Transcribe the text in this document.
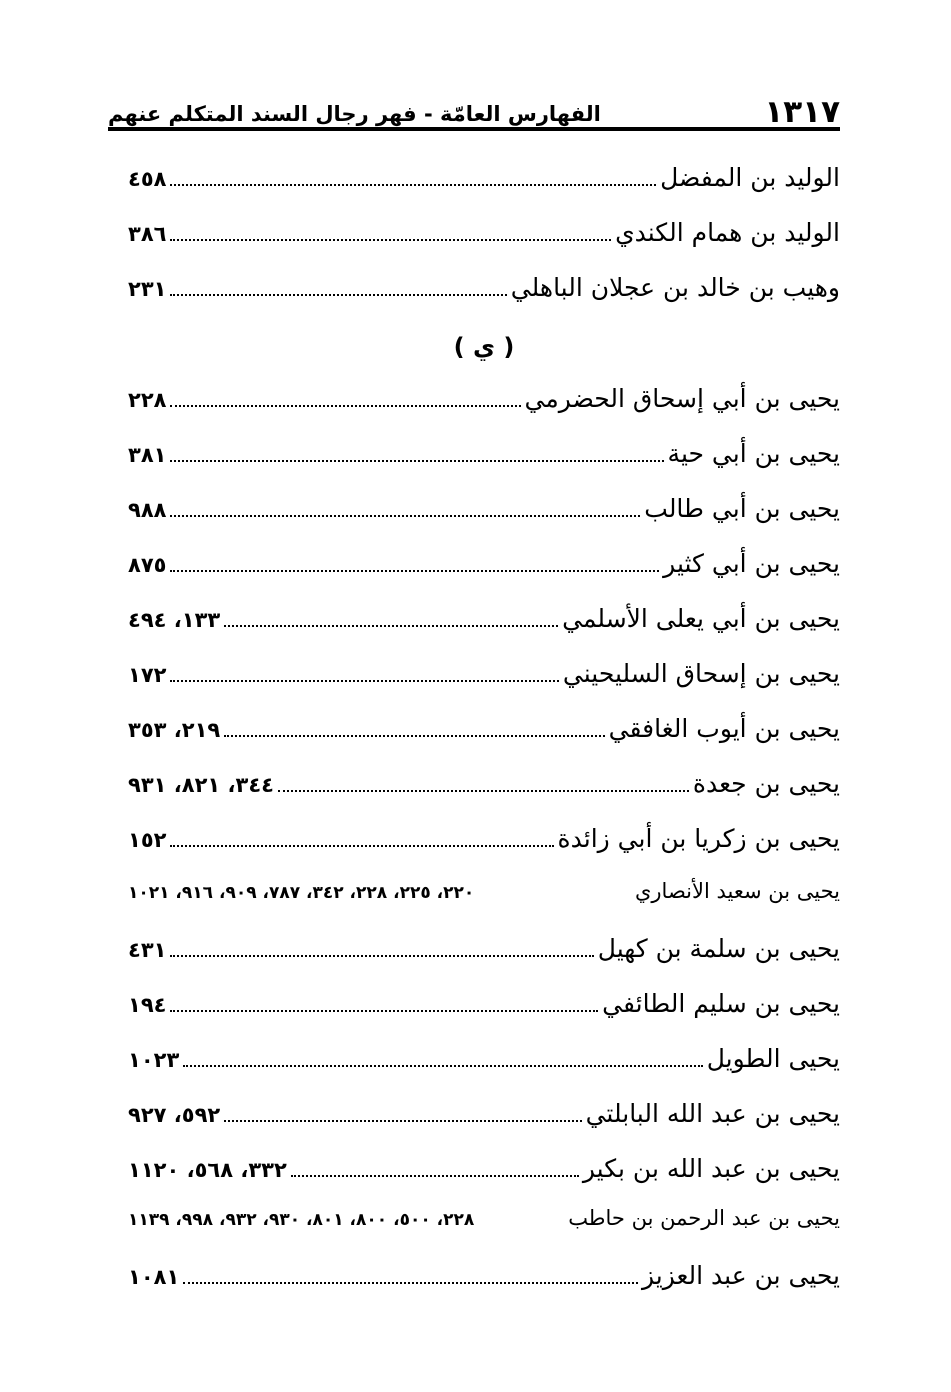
١٣١٧
الفهارس العامّة - فهر رجال السند المتكلم عنهم
الوليد بن المفضل
٤٥٨
الوليد بن همام الكندي
٣٨٦
وهيب بن خالد بن عجلان الباهلي
٢٣١
( ي )
يحيى بن أبي إسحاق الحضرمي
٢٢٨
يحيى بن أبي حية
٣٨١
يحيى بن أبي طالب
٩٨٨
يحيى بن أبي كثير
٨٧٥
يحيى بن أبي يعلى الأسلمي
١٣٣، ٤٩٤
يحيى بن إسحاق السليحيني
١٧٢
يحيى بن أيوب الغافقي
٢١٩، ٣٥٣
يحيى بن جعدة
٣٤٤، ٨٢١، ٩٣١
يحيى بن زكريا بن أبي زائدة
١٥٢
يحيى بن سعيد الأنصاري
٢٢٠، ٢٢٥، ٢٢٨، ٣٤٢، ٧٨٧، ٩٠٩، ٩١٦، ١٠٢١
يحيى بن سلمة بن كهيل
٤٣١
يحيى بن سليم الطائفي
١٩٤
يحيى الطويل
١٠٢٣
يحيى بن عبد الله البابلتي
٥٩٢، ٩٢٧
يحيى بن عبد الله بن بكير
٣٣٢، ٥٦٨، ١١٢٠
يحيى بن عبد الرحمن بن حاطب
٢٢٨، ٥٠٠، ٨٠٠، ٨٠١، ٩٣٠، ٩٣٢، ٩٩٨، ١١٣٩
يحيى بن عبد العزيز
١٠٨١
